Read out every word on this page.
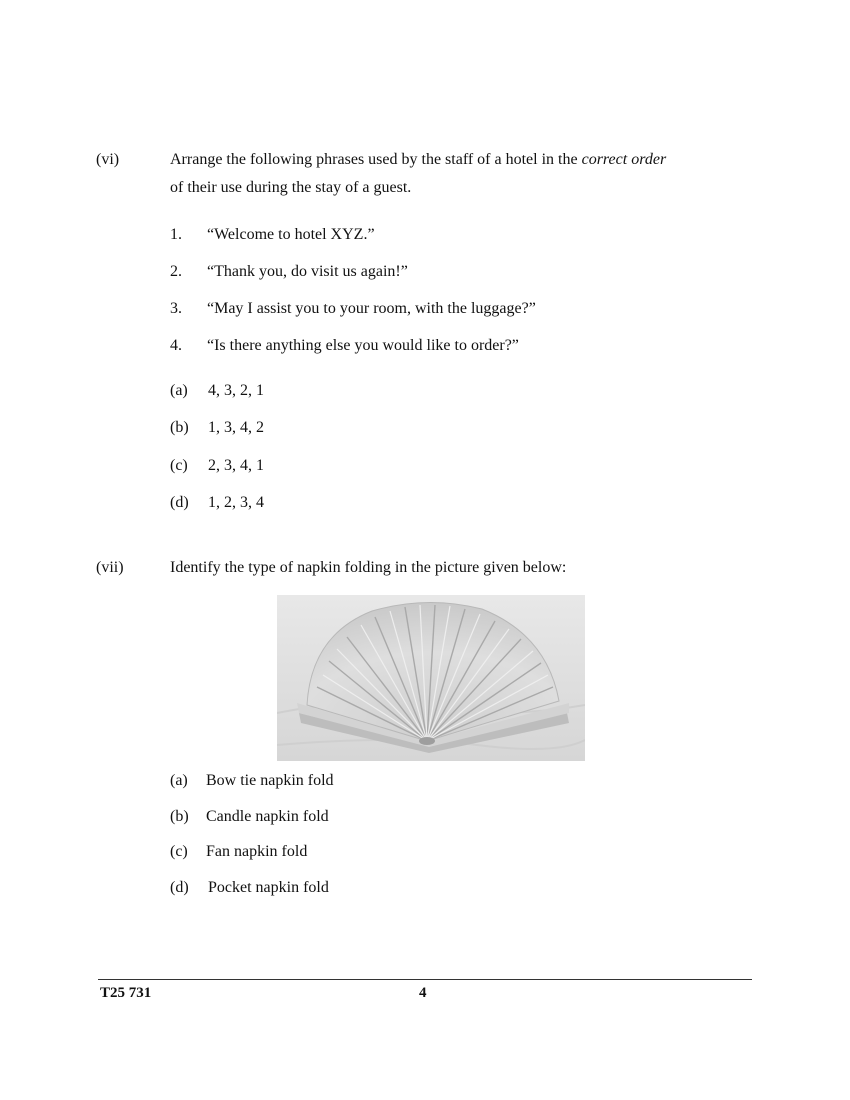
(vi)	Arrange the following phrases used by the staff of a hotel in the correct order
of their use during the stay of a guest.
1. “Welcome to hotel XYZ.”
2. “Thank you, do visit us again!”
3. “May I assist you to your room, with the luggage?”
4. “Is there anything else you would like to order?”
(a) 4, 3, 2, 1
(b) 1, 3, 4, 2
(c) 2, 3, 4, 1
(d) 1, 2, 3, 4
(vii)	Identify the type of napkin folding in the picture given below:
(a) Bow tie napkin fold
(b) Candle napkin fold
(c) Fan napkin fold
(d) Pocket napkin fold
T25 731	4
